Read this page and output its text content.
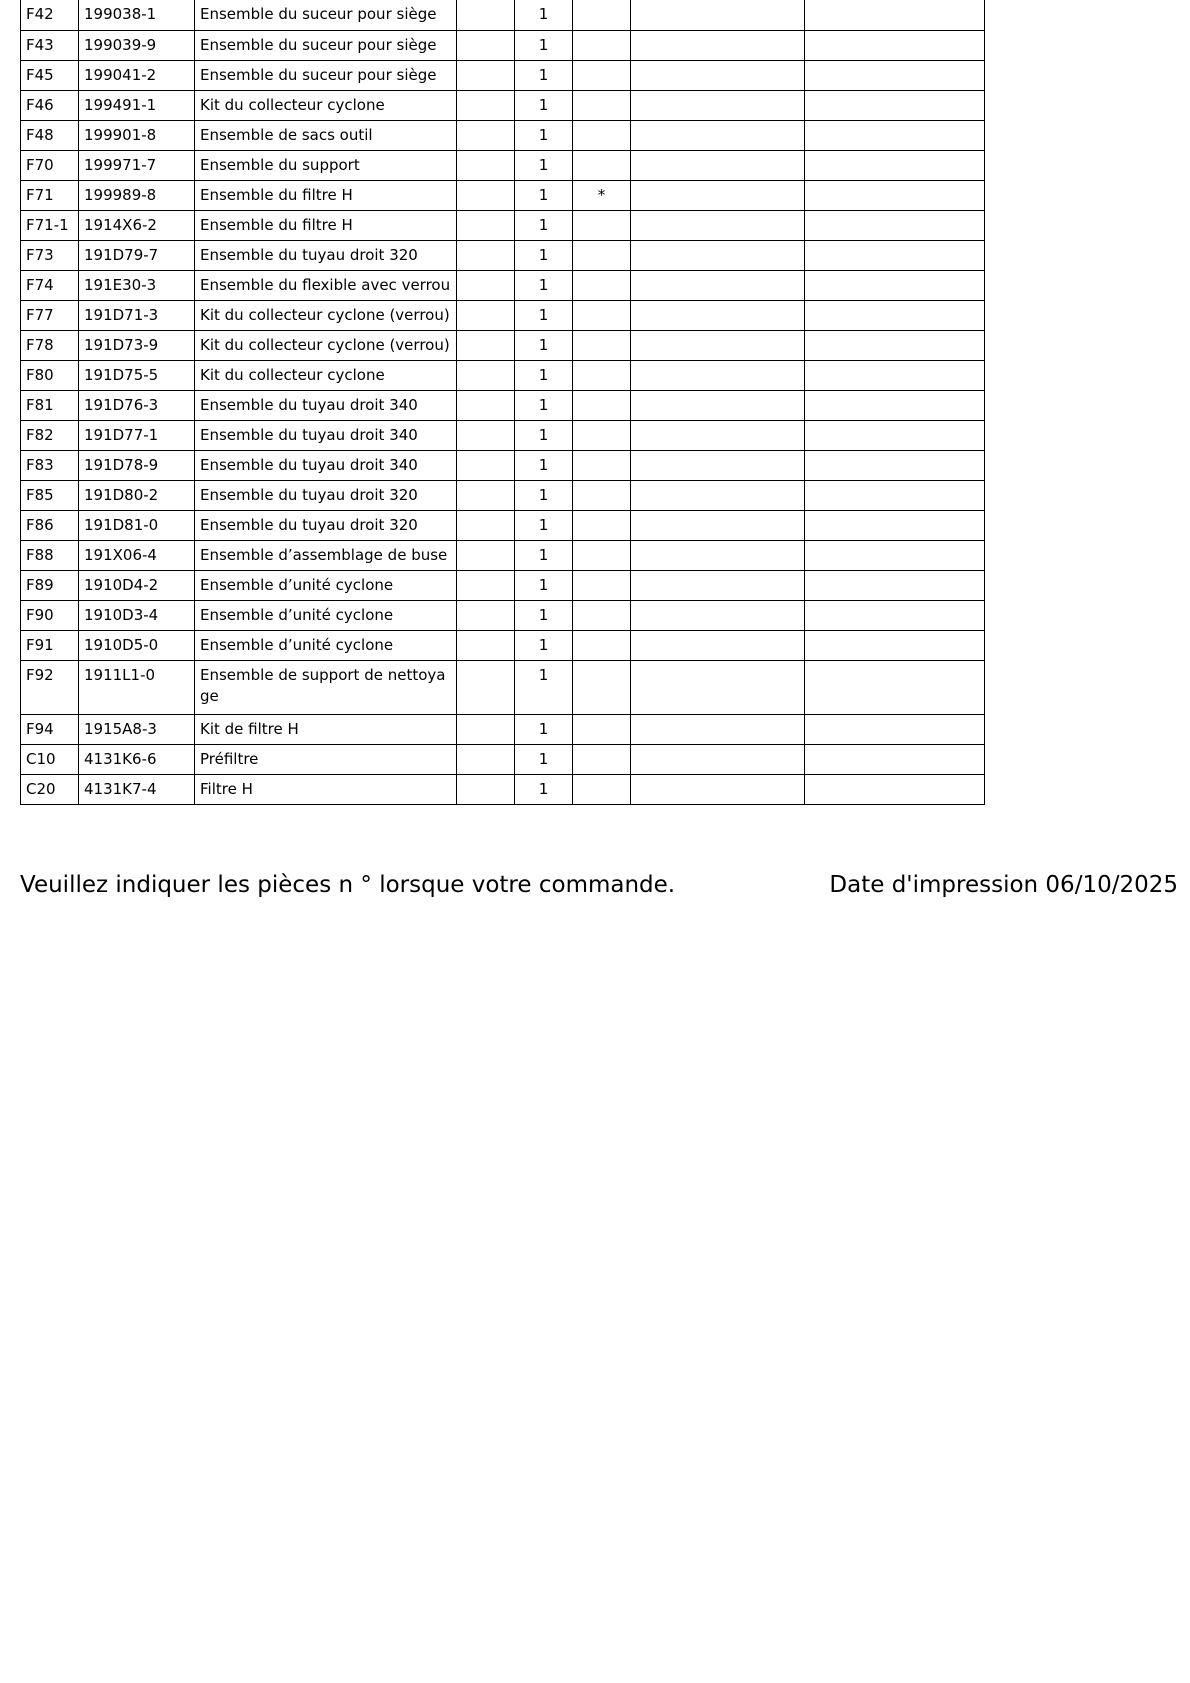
F42	199038-1	Ensemble du suceur pour siège		1			
F43	199039-9	Ensemble du suceur pour siège		1			
F45	199041-2	Ensemble du suceur pour siège		1			
F46	199491-1	Kit du collecteur cyclone		1			
F48	199901-8	Ensemble de sacs outil		1			
F70	199971-7	Ensemble du support		1			
F71	199989-8	Ensemble du filtre H		1	*		
F71-1	1914X6-2	Ensemble du filtre H		1			
F73	191D79-7	Ensemble du tuyau droit 320		1			
F74	191E30-3	Ensemble du flexible avec verrou		1			
F77	191D71-3	Kit du collecteur cyclone (verrou)		1			
F78	191D73-9	Kit du collecteur cyclone (verrou)		1			
F80	191D75-5	Kit du collecteur cyclone		1			
F81	191D76-3	Ensemble du tuyau droit 340		1			
F82	191D77-1	Ensemble du tuyau droit 340		1			
F83	191D78-9	Ensemble du tuyau droit 340		1			
F85	191D80-2	Ensemble du tuyau droit 320		1			
F86	191D81-0	Ensemble du tuyau droit 320		1			
F88	191X06-4	Ensemble d’assemblage de buse		1			
F89	1910D4-2	Ensemble d’unité cyclone		1			
F90	1910D3-4	Ensemble d’unité cyclone		1			
F91	1910D5-0	Ensemble d’unité cyclone		1			
F92	1911L1-0	Ensemble de support de nettoyage		1			
F94	1915A8-3	Kit de filtre H		1			
C10	4131K6-6	Préfiltre		1			
C20	4131K7-4	Filtre H		1			
Veuillez indiquer les pièces n ° lorsque votre commande.	Date d'impression 06/10/2025
